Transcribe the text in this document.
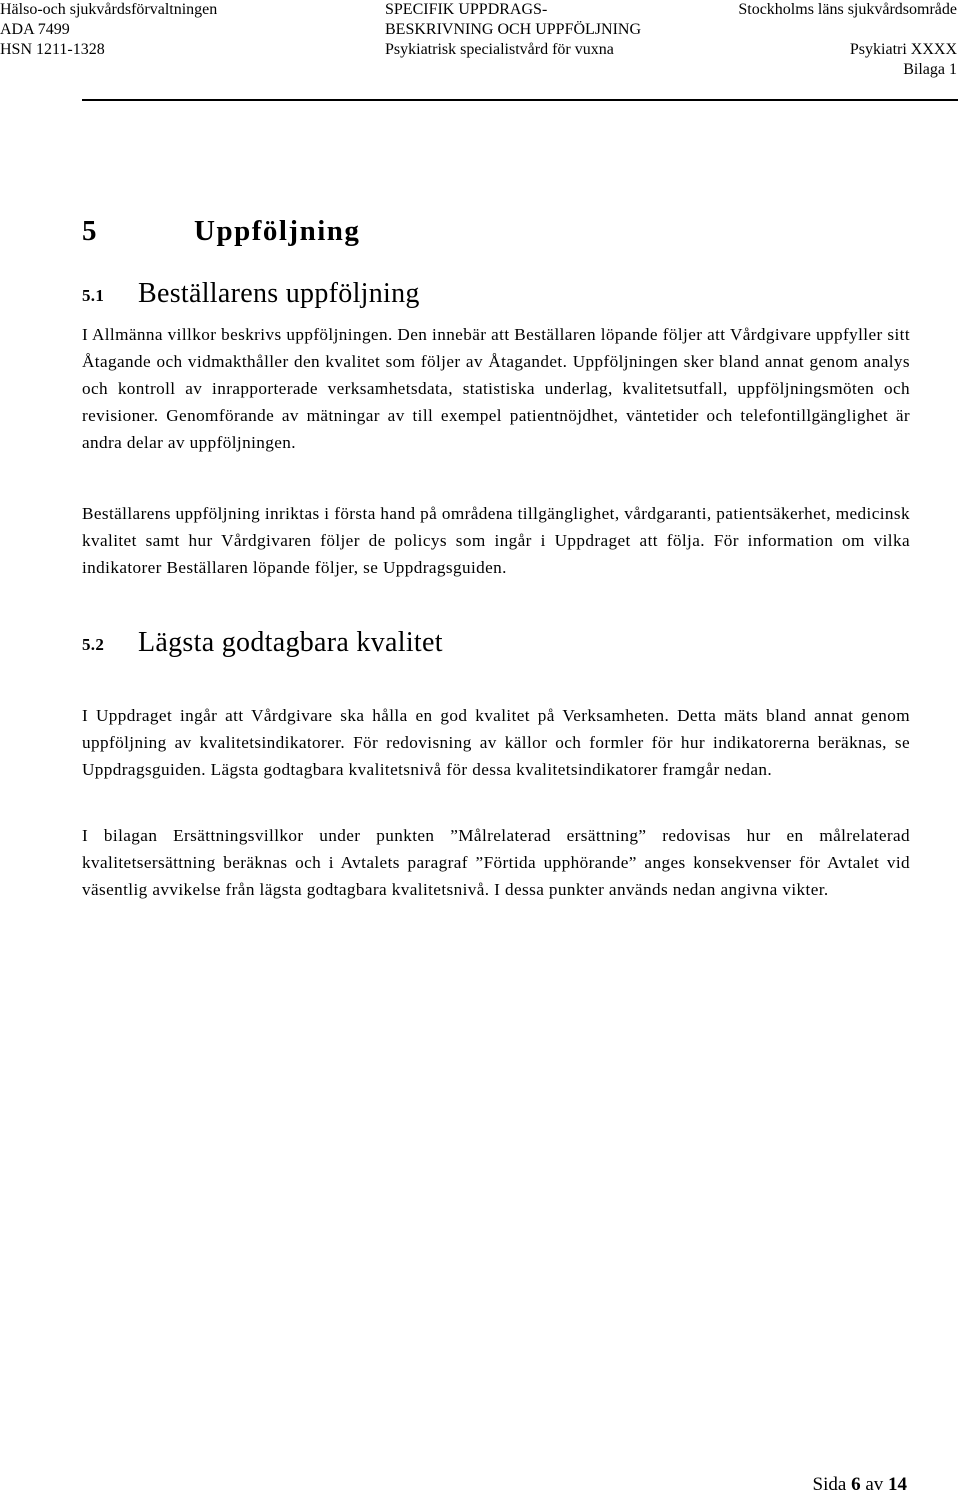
Hälso-och sjukvårdsförvaltningen
ADA 7499
HSN 1211-1328
SPECIFIK UPPDRAGS-
BESKRIVNING OCH UPPFÖLJNING
Psykiatrisk specialistvård för vuxna
Stockholms läns sjukvårdsområde
Psykiatri XXXX
Bilaga 1
5	Uppföljning
5.1 Beställarens uppföljning

I Allmänna villkor beskrivs uppföljningen. Den innebär att Beställaren löpande följer att Vårdgivare uppfyller sitt Åtagande och vidmakthåller den kvalitet som följer av Åtagandet. Uppföljningen sker bland annat genom analys och kontroll av inrapporterade verksamhetsdata, statistiska underlag, kvalitetsutfall, uppföljningsmöten och revisioner. Genomförande av mätningar av till exempel patientnöjdhet, väntetider och telefontillgänglighet är andra delar av uppföljningen.

Beställarens uppföljning inriktas i första hand på områdena tillgänglighet, vårdgaranti, patientsäkerhet, medicinsk kvalitet samt hur Vårdgivaren följer de policys som ingår i Uppdraget att följa. För information om vilka indikatorer Beställaren löpande följer, se Uppdragsguiden.

5.2 Lägsta godtagbara kvalitet

I Uppdraget ingår att Vårdgivare ska hålla en god kvalitet på Verksamheten. Detta mäts bland annat genom uppföljning av kvalitetsindikatorer. För redovisning av källor och formler för hur indikatorerna beräknas, se Uppdragsguiden. Lägsta godtagbara kvalitetsnivå för dessa kvalitetsindikatorer framgår nedan.

I bilagan Ersättningsvillkor under punkten ”Målrelaterad ersättning” redovisas hur en målrelaterad kvalitetsersättning beräknas och i Avtalets paragraf ”Förtida upphörande” anges konsekvenser för Avtalet vid väsentlig avvikelse från lägsta godtagbara kvalitetsnivå. I dessa punkter används nedan angivna vikter.

Sida 6 av 14
